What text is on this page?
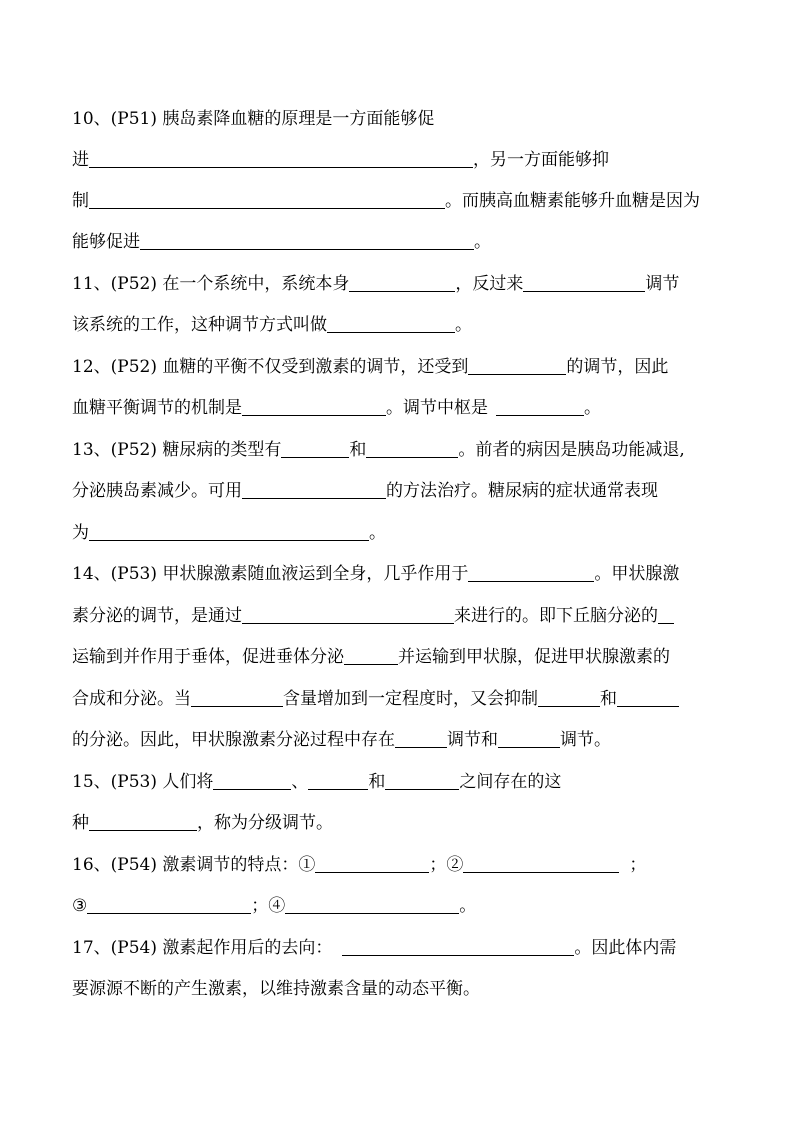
10、(P51) 胰岛素降血糖的原理是一方面能够促
进	，另一方面能够抑
制	。而胰高血糖素能够升血糖是因为
能够促进	。
11、(P52) 在一个系统中，系统本身	，反过来	调节
该系统的工作，这种调节方式叫做	。
12、(P52) 血糖的平衡不仅受到激素的调节，还受到	的调节，因此
血糖平衡调节的机制是	。调节中枢是	。
13、(P52) 糖尿病的类型有	和	。前者的病因是胰岛功能减退,
分泌胰岛素减少。可用	的方法治疗。糖尿病的症状通常表现
为	。
14、(P53) 甲状腺激素随血液运到全身，几乎作用于	。甲状腺激
素分泌的调节，是通过	来进行的。即下丘脑分泌的
运输到并作用于垂体，促进垂体分泌	并运输到甲状腺，促进甲状腺激素的
合成和分泌。当	含量增加到一定程度时，又会抑制	和
的分泌。因此，甲状腺激素分泌过程中存在	调节和	调节。
15、(P53) 人们将	、	和	之间存在的这
种	，称为分级调节。
16、(P54) 激素调节的特点：①	；②	；
③	；④	。
17、(P54) 激素起作用后的去向：	。因此体内需
要源源不断的产生激素，以维持激素含量的动态平衡。
